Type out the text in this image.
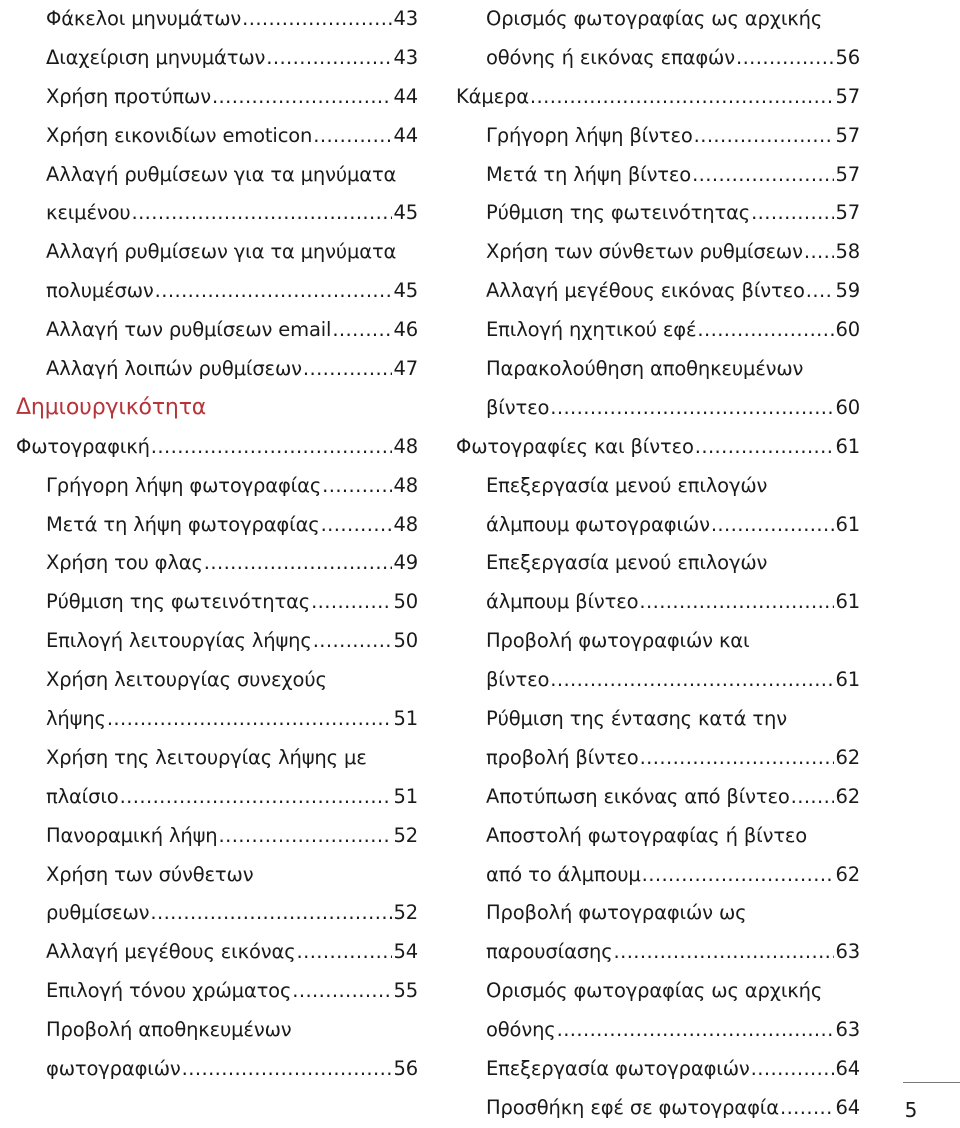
Φάκελοι μηνυμάτων .....	43
Διαχείριση μηνυμάτων .....	43
Χρήση προτύπων .....	44
Χρήση εικονιδίων emoticon .....	44
Αλλαγή ρυθμίσεων για τα μηνύματα
κειμένου .....	45
Αλλαγή ρυθμίσεων για τα μηνύματα
πολυμέσων .....	45
Αλλαγή των ρυθμίσεων email .....	46
Αλλαγή λοιπών ρυθμίσεων .....	47
Δημιουργικότητα
Φωτογραφική .....	48
Γρήγορη λήψη φωτογραφίας .....	48
Μετά τη λήψη φωτογραφίας .....	48
Χρήση του φλας .....	49
Ρύθμιση της φωτεινότητας .....	50
Επιλογή λειτουργίας λήψης .....	50
Χρήση λειτουργίας συνεχούς
λήψης .....	51
Χρήση της λειτουργίας λήψης με
πλαίσιο .....	51
Πανοραμική λήψη .....	52
Χρήση των σύνθετων
ρυθμίσεων .....	52
Αλλαγή μεγέθους εικόνας .....	54
Επιλογή τόνου χρώματος .....	55
Προβολή αποθηκευμένων
φωτογραφιών .....	56
Ορισμός φωτογραφίας ως αρχικής
οθόνης ή εικόνας επαφών .....	56
Κάμερα .....	57
Γρήγορη λήψη βίντεο .....	57
Μετά τη λήψη βίντεο .....	57
Ρύθμιση της φωτεινότητας .....	57
Χρήση των σύνθετων ρυθμίσεων ..... 58
Αλλαγή μεγέθους εικόνας βίντεο ..... 59
Επιλογή ηχητικού εφέ .....	60
Παρακολούθηση αποθηκευμένων
βίντεο .....	60
Φωτογραφίες και βίντεο .....	61
Επεξεργασία μενού επιλογών
άλμπουμ φωτογραφιών .....	61
Επεξεργασία μενού επιλογών
άλμπουμ βίντεο .....	61
Προβολή φωτογραφιών και
βίντεο .....	61
Ρύθμιση της έντασης κατά την
προβολή βίντεο .....	62
Αποτύπωση εικόνας από βίντεο ..... 62
Αποστολή φωτογραφίας ή βίντεο
από το άλμπουμ .....	62
Προβολή φωτογραφιών ως
παρουσίασης .....	63
Ορισμός φωτογραφίας ως αρχικής
οθόνης .....	63
Επεξεργασία φωτογραφιών .....	64
Προσθήκη εφέ σε φωτογραφία .....	64 5
